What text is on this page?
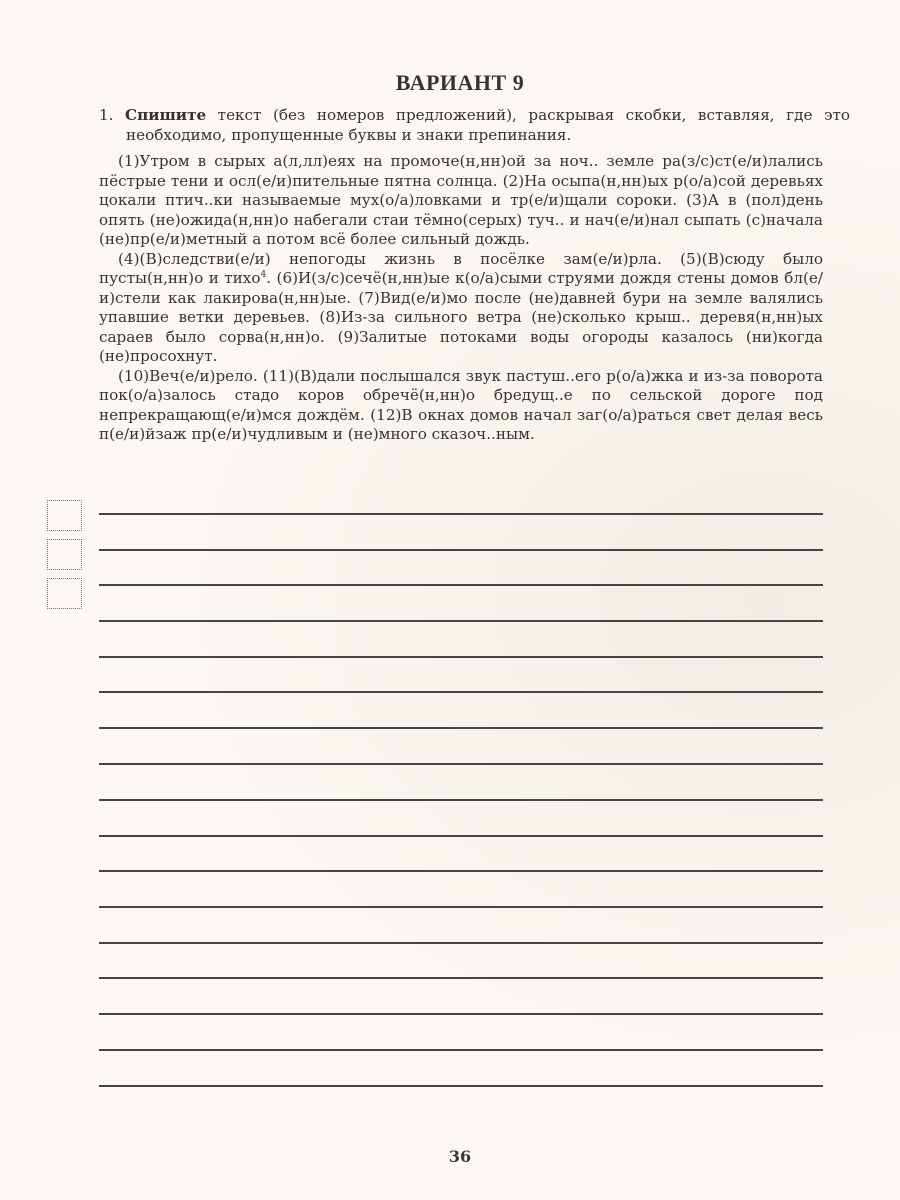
ВАРИАНТ 9
1. Спишите текст (без номеров предложений), раскрывая скобки, вставляя, где это необходимо, пропущенные буквы и знаки препинания.

(1)Утром в сырых а(л,лл)еях на промоче(н,нн)ой за ноч.. земле ра(з/с)ст(е/и)лались пёстрые тени и осл(е/и)пительные пятна солнца. (2)На осыпа(н,нн)ых р(о/а)сой деревьях цокали птич..ки называемые мух(о/а)ловками и тр(е/и)щали сороки. (3)А в (пол)день опять (не)ожида(н,нн)о набегали стаи тёмно(серых) туч.. и нач(е/и)нал сыпать (с)начала (не)пр(е/и)метный а потом всё более сильный дождь.

(4)(В)следстви(е/и) непогоды жизнь в посёлке зам(е/и)рла. (5)(В)сюду было пусты(н,нн)о и тихо$^4$. (6)И(з/с)сечё(н,нн)ые к(о/а)сыми струями дождя стены домов бл(е/и)стели как лакирова(н,нн)ые. (7)Вид(е/и)мо после (не)давней бури на земле валялись упавшие ветки деревьев. (8)Из-за сильного ветра (не)сколько крыш.. деревя(н,нн)ых сараев было сорва(н,нн)о. (9)Залитые потоками воды огороды казалось (ни)когда (не)просохнут.

(10)Веч(е/и)рело. (11)(В)дали послышался звук пастуш..его р(о/а)жка и из-за поворота пок(о/а)залось стадо коров обречё(н,нн)о бредущ..е по сельской дороге под непрекращающ(е/и)мся дождём. (12)В окнах домов начал заг(о/а)раться свет делая весь п(е/и)йзаж пр(е/и)чудливым и (не)много сказоч..ным.

36
